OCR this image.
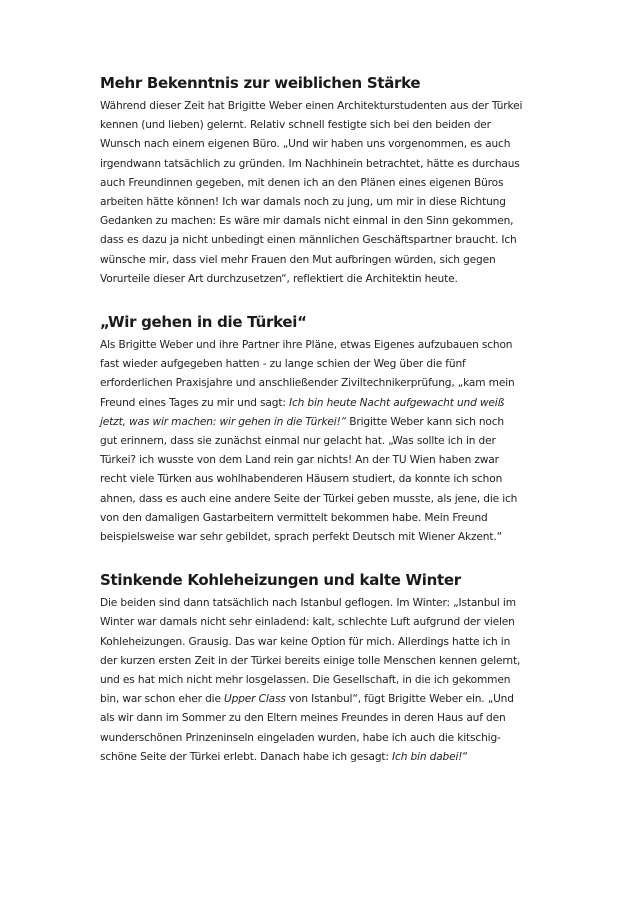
Mehr Bekenntnis zur weiblichen Stärke

Während dieser Zeit hat Brigitte Weber einen Architekturstudenten aus der Türkei kennen (und lieben) gelernt. Relativ schnell festigte sich bei den beiden der Wunsch nach einem eigenen Büro. „Und wir haben uns vorgenommen, es auch irgendwann tatsächlich zu gründen. Im Nachhinein betrachtet, hätte es durchaus auch Freundinnen gegeben, mit denen ich an den Plänen eines eigenen Büros arbeiten hätte können! Ich war damals noch zu jung, um mir in diese Richtung Gedanken zu machen: Es wäre mir damals nicht einmal in den Sinn gekommen, dass es dazu ja nicht unbedingt einen männlichen Geschäftspartner braucht. Ich wünsche mir, dass viel mehr Frauen den Mut aufbringen würden, sich gegen Vorurteile dieser Art durchzusetzen“, reflektiert die Architektin heute.

„Wir gehen in die Türkei“

Als Brigitte Weber und ihre Partner ihre Pläne, etwas Eigenes aufzubauen schon fast wieder aufgegeben hatten - zu lange schien der Weg über die fünf erforderlichen Praxisjahre und anschließender Ziviltechnikerprüfung, „kam mein Freund eines Tages zu mir und sagt: Ich bin heute Nacht aufgewacht und weiß jetzt, was wir machen: wir gehen in die Türkei!“ Brigitte Weber kann sich noch gut erinnern, dass sie zunächst einmal nur gelacht hat. „Was sollte ich in der Türkei? ich wusste von dem Land rein gar nichts! An der TU Wien haben zwar recht viele Türken aus wohlhabenderen Häusern studiert, da konnte ich schon ahnen, dass es auch eine andere Seite der Türkei geben musste, als jene, die ich von den damaligen Gastarbeitern vermittelt bekommen habe. Mein Freund beispielsweise war sehr gebildet, sprach perfekt Deutsch mit Wiener Akzent.“

Stinkende Kohleheizungen und kalte Winter

Die beiden sind dann tatsächlich nach Istanbul geflogen. Im Winter: „Istanbul im Winter war damals nicht sehr einladend: kalt, schlechte Luft aufgrund der vielen Kohleheizungen. Grausig. Das war keine Option für mich. Allerdings hatte ich in der kurzen ersten Zeit in der Türkei bereits einige tolle Menschen kennen gelernt, und es hat mich nicht mehr losgelassen. Die Gesellschaft, in die ich gekommen bin, war schon eher die Upper Class von Istanbul“, fügt Brigitte Weber ein. „Und als wir dann im Sommer zu den Eltern meines Freundes in deren Haus auf den wunderschönen Prinzeninseln eingeladen wurden, habe ich auch die kitschig-schöne Seite der Türkei erlebt. Danach habe ich gesagt: Ich bin dabei!“
